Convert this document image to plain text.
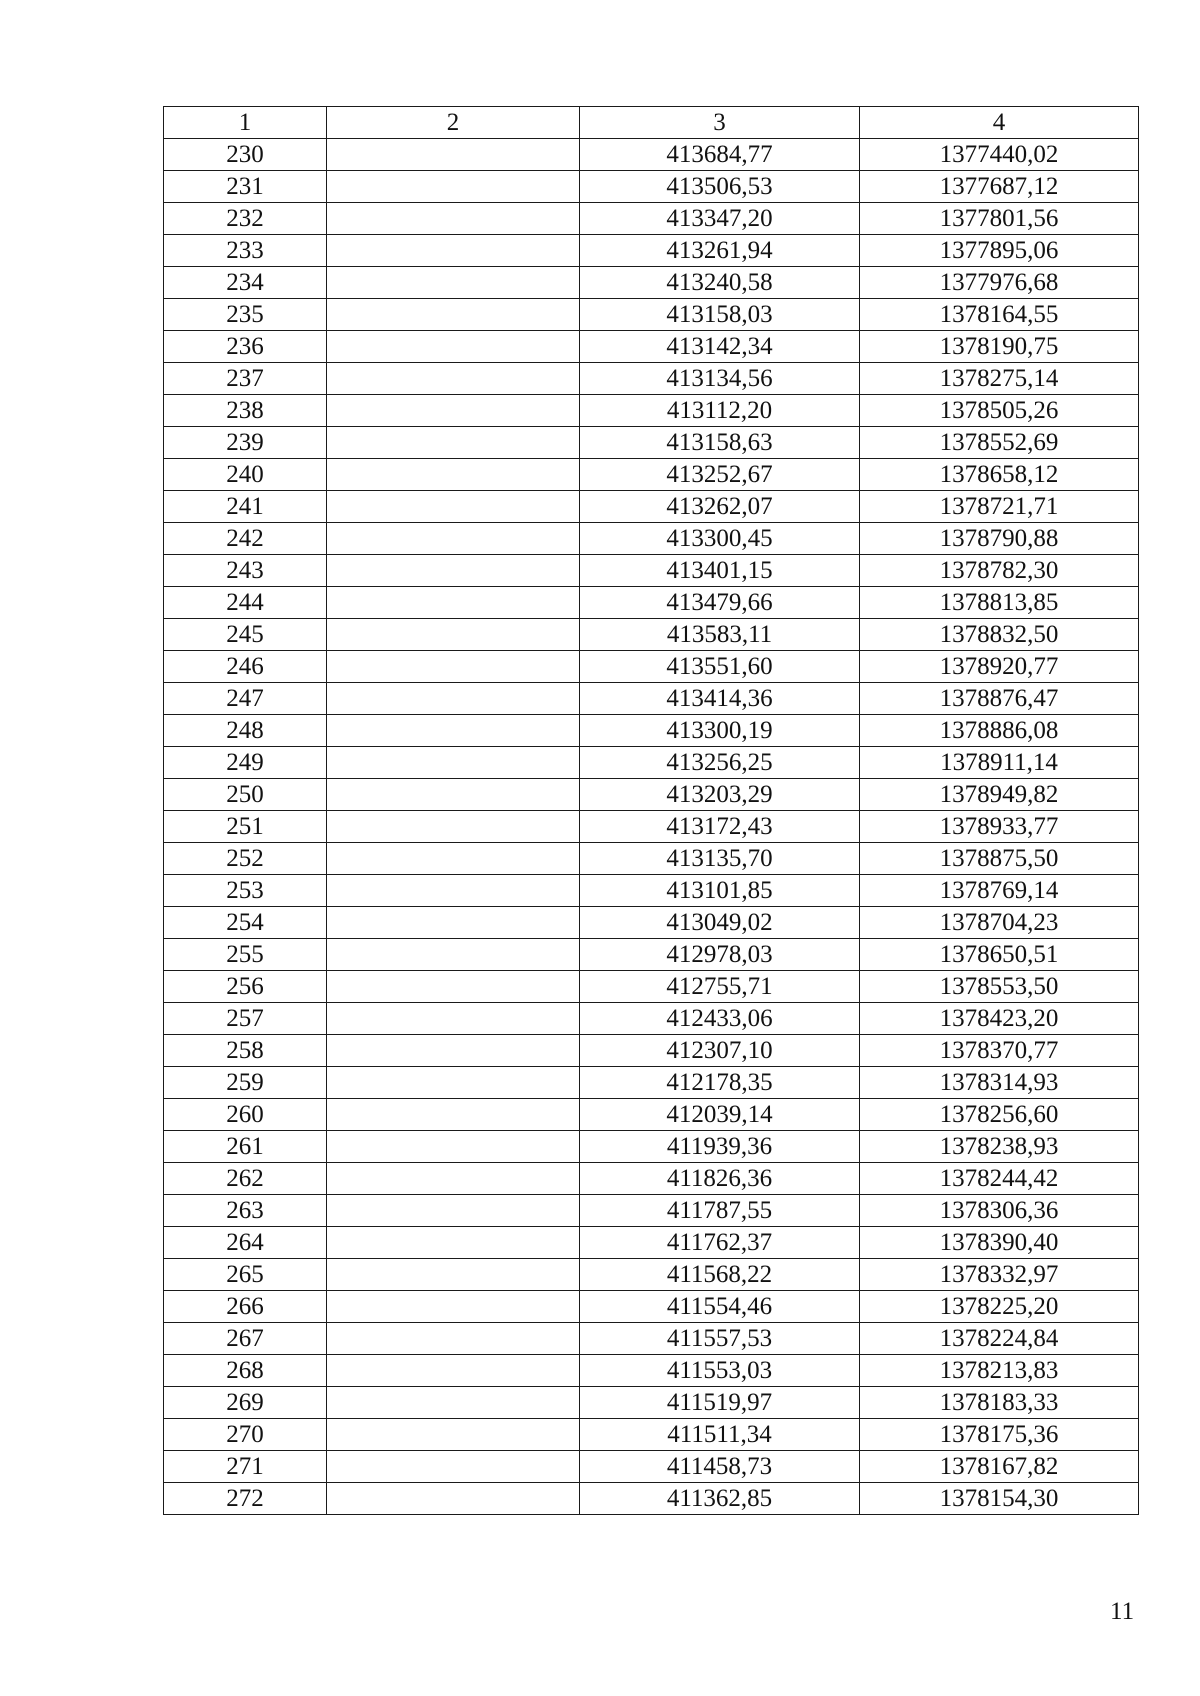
1	2	3	4
230		413684,77	1377440,02
231		413506,53	1377687,12
232		413347,20	1377801,56
233		413261,94	1377895,06
234		413240,58	1377976,68
235		413158,03	1378164,55
236		413142,34	1378190,75
237		413134,56	1378275,14
238		413112,20	1378505,26
239		413158,63	1378552,69
240		413252,67	1378658,12
241		413262,07	1378721,71
242		413300,45	1378790,88
243		413401,15	1378782,30
244		413479,66	1378813,85
245		413583,11	1378832,50
246		413551,60	1378920,77
247		413414,36	1378876,47
248		413300,19	1378886,08
249		413256,25	1378911,14
250		413203,29	1378949,82
251		413172,43	1378933,77
252		413135,70	1378875,50
253		413101,85	1378769,14
254		413049,02	1378704,23
255		412978,03	1378650,51
256		412755,71	1378553,50
257		412433,06	1378423,20
258		412307,10	1378370,77
259		412178,35	1378314,93
260		412039,14	1378256,60
261		411939,36	1378238,93
262		411826,36	1378244,42
263		411787,55	1378306,36
264		411762,37	1378390,40
265		411568,22	1378332,97
266		411554,46	1378225,20
267		411557,53	1378224,84
268		411553,03	1378213,83
269		411519,97	1378183,33
270		411511,34	1378175,36
271		411458,73	1378167,82
272		411362,85	1378154,30
11
